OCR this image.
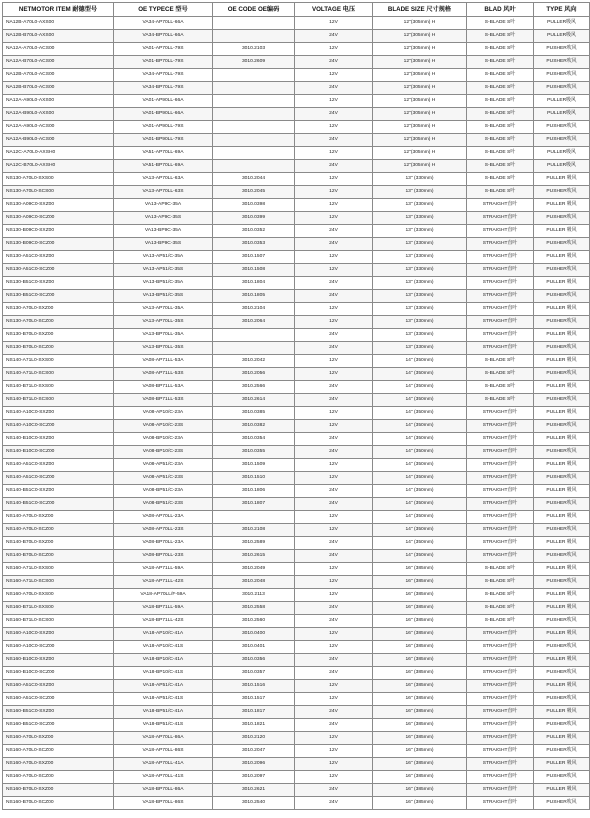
NETMOTOR ITEM 耐德型号	OE TYPECE 型号	OE CODE OE编码	VOLTAGE 电压	BLADE SIZE 尺寸规格	BLAD 风叶	TYPE 风向
NA12B-A70L0-AXS00	VA34-AP70LL-66A		12V	12"(305mm) H	S-BLADE S叶	PULLER吸风
NA12B-B70L0-AXS00	VA34-BP70LL-66A		24V	12"(305mm) H	S-BLADE S叶	PULLER吸风
NA12A-A70L0-ACS00	VA01-AP70LL-79S	3010.2103	12V	12"(305mm) H	S-BLADE S叶	PUSHER吹风
NA12A-B70L0-ACS00	VA01-BP70LL-79S	3010.2609	24V	12"(305mm) H	S-BLADE S叶	PUSHER吹风
NA12B-A70L0-ACS00	VA34-AP70LL-79S		12V	12"(305mm) H	S-BLADE S叶	PUSHER吹风
NA12B-B70L0-ACS00	VA34-BP70LL-79S		24V	12"(305mm) H	S-BLADE S叶	PUSHER吹风
NA12A-A90L0-AXS00	VA01-AP90LL-66A		12V	12"(305mm) H	S-BLADE S叶	PULLER吸风
NA12A-B90L0-AXS00	VA01-BP90LL-66A		24V	12"(305mm) H	S-BLADE S叶	PULLER吸风
NA12A-A90L0-ACS00	VA01-AP90LL-79S		12V	12"(305mm) H	S-BLADE S叶	PUSHER吹风
NA12A-B90L0-ACS00	VA01-BP90LL-79S		24V	12"(305mm) H	S-BLADE S叶	PUSHER吹风
NA12C-A70L0-AXSH0	VA51-AP70LL-69A		12V	12"(305mm) H	S-BLADE S叶	PULLER吸风
NA12C-B70L0-AXSH0	VA51-BP70LL-69A		24V	12"(305mm) H	S-BLADE S叶	PULLER吸风
NS130-A70L0-SXS00	VA13-AP70LL-63A	3010.2044	12V	13" (330mm)	S-BLADE S叶	PULLER 吸风
NS130-A70L0-SCS00	VA13-AP70LL-63S	3010.2045	12V	13" (330mm)	S-BLADE S叶	PUSHER吹风
NS130-A09C0-SXZ00	VA13-AP9C-35A	3010.0398	12V	13" (330mm)	STRAIGHT直叶	PULLER 吸风
NS130-A09C0-SCZ00	VA13-AP9C-35S	3010.0399	12V	13" (330mm)	STRAIGHT直叶	PUSHER吹风
NS130-B09C0-SXZ00	VA13-BP9C-35A	3010.0352	24V	13" (330mm)	STRAIGHT直叶	PULLER 吸风
NS130-B09C0-SCZ00	VA13-BP9C-35S	3010.0353	24V	13" (330mm)	STRAIGHT直叶	PUSHER吹风
NS130-A51C0-SXZ00	VA13-AP51/C-35A	3010.1507	12V	13" (330mm)	STRAIGHT直叶	PULLER 吸风
NS130-A51C0-SCZ00	VA13-AP51/C-35S	3010.1508	12V	13" (330mm)	STRAIGHT直叶	PUSHER吹风
NS130-B51C0-SXZ00	VA13-BP51/C-35A	3010.1804	24V	13" (330mm)	STRAIGHT直叶	PULLER 吸风
NS130-B51C0-SCZ00	VA13-BP51/C-35S	3010.1805	24V	13" (330mm)	STRAIGHT直叶	PUSHER吹风
NS130-A70L0-SXZ00	VA13-AP70LL-35A	3010.2104	12V	13" (330mm)	STRAIGHT直叶	PULLER 吸风
NS130-A70L0-SCZ00	VA13-AP70LL-35S	3010.2064	12V	13" (330mm)	STRAIGHT直叶	PUSHER吹风
NS130-B70L0-SXZ00	VA13-BP70LL-35A		24V	13" (330mm)	STRAIGHT直叶	PULLER 吸风
NS130-B70L0-SCZ00	VA13-BP70LL-35S		24V	13" (330mm)	STRAIGHT直叶	PUSHER吹风
NS140-A71L0-SXS00	VA08-AP71LL-53A	3010.2042	12V	14" (350mm)	S-BLADE S叶	PULLER 吸风
NS140-A71L0-SCS00	VA08-AP71LL-53S	3010.2056	12V	14" (350mm)	S-BLADE S叶	PUSHER吹风
NS140-B71L0-SXS00	VA08-BP71LL-53A	3010.2566	24V	14" (350mm)	S-BLADE S叶	PULLER 吸风
NS140-B71L0-SCS00	VA08-BP71LL-53S	3010.2614	24V	14" (350mm)	S-BLADE S叶	PUSHER吹风
NS140-A10C0-SXZ00	VA08-AP10/C-23A	3010.0385	12V	14" (350mm)	STRAIGHT直叶	PULLER 吸风
NS140-A10C0-SCZ00	VA08-AP10/C-23S	3010.0382	12V	14" (350mm)	STRAIGHT直叶	PUSHER吹风
NS140-B10C0-SXZ00	VA08-BP10/C-23A	3010.0354	24V	14" (350mm)	STRAIGHT直叶	PULLER 吸风
NS140-B10C0-SCZ00	VA08-BP10/C-23S	3010.0355	24V	14" (350mm)	STRAIGHT直叶	PUSHER吹风
NS140-A51C0-SXZ00	VA08-AP51/C-23A	3010.1509	12V	14" (350mm)	STRAIGHT直叶	PULLER 吸风
NS140-A51C0-SCZ00	VA08-AP51/C-23S	3010.1510	12V	14" (350mm)	STRAIGHT直叶	PUSHER吹风
NS140-B51C0-SXZ00	VA08-BP51/C-23A	3010.1806	24V	14" (350mm)	STRAIGHT直叶	PULLER 吸风
NS140-B51C0-SCZ00	VA08-BP51/C-23S	3010.1807	24V	14" (350mm)	STRAIGHT直叶	PUSHER吹风
NS140-A70L0-SXZ00	VA08-AP70LL-23A		12V	14" (350mm)	STRAIGHT直叶	PULLER 吸风
NS140-A70L0-SCZ00	VA08-AP70LL-23S	3010.2108	12V	14" (350mm)	STRAIGHT直叶	PUSHER吹风
NS140-B70L0-SXZ00	VA08-BP70LL-23A	3010.2589	24V	14" (350mm)	STRAIGHT直叶	PULLER 吸风
NS140-B70L0-SCZ00	VA08-BP70LL-23S	3010.2615	24V	14" (350mm)	STRAIGHT直叶	PUSHER吹风
NS160-A71L0-SXS00	VA18-AP71LL-59A	3010.2049	12V	16" (385mm)	S-BLADE S叶	PULLER 吸风
NS160-A71L0-SCS00	VA18-AP71LL-42S	3010.2048	12V	16" (385mm)	S-BLADE S叶	PUSHER吹风
NS160-A70L0-SXS00	VA18-AP70LL/F-59A	3010.2113	12V	16" (385mm)	S-BLADE S叶	PULLER 吸风
NS160-B71L0-SXS00	VA18-BP71LL-59A	3010.2558	24V	16" (385mm)	S-BLADE S叶	PULLER 吸风
NS160-B71L0-SCS00	VA18-BP71LL-42S	3010.2560	24V	16" (385mm)	S-BLADE S叶	PUSHER吹风
NS160-A10C0-SXZ00	VA18-AP10/C-41A	3010.0400	12V	16" (385mm)	STRAIGHT直叶	PULLER 吸风
NS160-A10C0-SCZ00	VA18-AP10/C-41S	3010.0401	12V	16" (385mm)	STRAIGHT直叶	PUSHER吹风
NS160-B10C0-SXZ00	VA18-BP10/C-41A	3010.0356	24V	16" (385mm)	STRAIGHT直叶	PULLER 吸风
NS160-B10C0-SCZ00	VA18-BP10/C-41S	3010.0357	24V	16" (385mm)	STRAIGHT直叶	PUSHER吹风
NS160-A51C0-SXZ00	VA18-AP51/C-41A	3010.1516	12V	16" (385mm)	STRAIGHT直叶	PULLER 吸风
NS160-A51C0-SCZ00	VA18-AP51/C-41S	3010.1517	12V	16" (385mm)	STRAIGHT直叶	PUSHER吹风
NS160-B51C0-SXZ00	VA18-BP51/C-41A	3010.1817	24V	16" (385mm)	STRAIGHT直叶	PULLER 吸风
NS160-B51C0-SCZ00	VA18-BP51/C-41S	3010.1821	24V	16" (385mm)	STRAIGHT直叶	PUSHER吹风
NS160-A70L0-SXZ00	VA18-AP70LL-86A	3010.2120	12V	16" (385mm)	STRAIGHT直叶	PULLER 吸风
NS160-A70L0-SCZ00	VA18-AP70LL-86S	3010.2047	12V	16" (385mm)	STRAIGHT直叶	PUSHER吹风
NS160-A70L0-SXZ00	VA18-AP70LL-41A	3010.2096	12V	16" (385mm)	STRAIGHT直叶	PULLER 吸风
NS160-A70L0-SCZ00	VA18-AP70LL-41S	3010.2097	12V	16" (385mm)	STRAIGHT直叶	PUSHER吹风
NS160-B70L0-SXZ00	VA18-BP70LL-86A	3010.2621	24V	16" (385mm)	STRAIGHT直叶	PULLER 吸风
NS160-B70L0-SCZ00	VA18-BP70LL-86S	3010.2540	24V	16" (385mm)	STRAIGHT直叶	PUSHER吹风
